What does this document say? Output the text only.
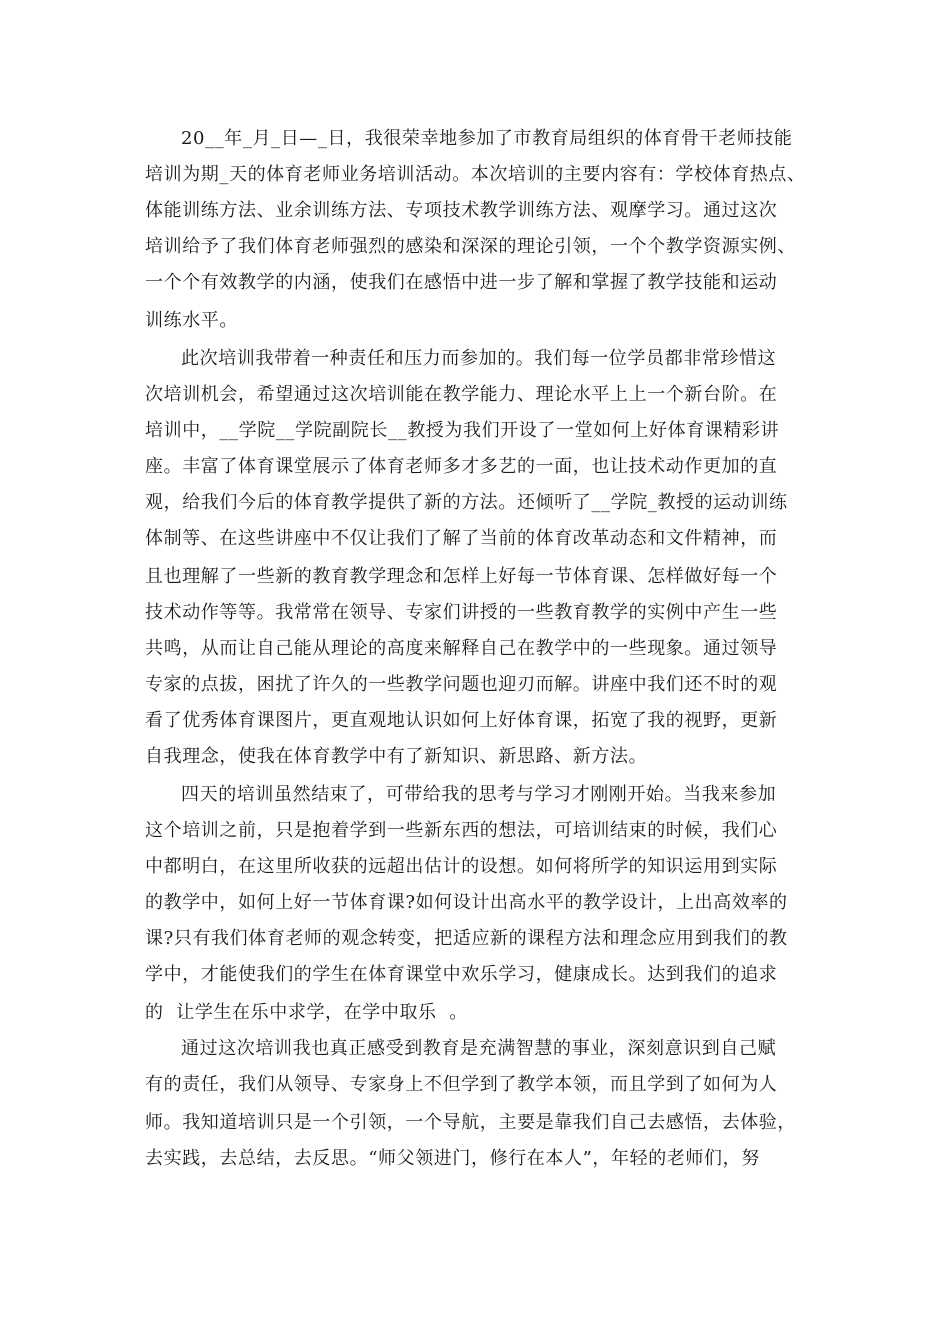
20__年_月_日—_日，我很荣幸地参加了市教育局组织的体育骨干老师技能
培训为期_天的体育老师业务培训活动。本次培训的主要内容有：学校体育热点、
体能训练方法、业余训练方法、专项技术教学训练方法、观摩学习。通过这次
培训给予了我们体育老师强烈的感染和深深的理论引领，一个个教学资源实例、
一个个有效教学的内涵，使我们在感悟中进一步了解和掌握了教学技能和运动
训练水平。
此次培训我带着一种责任和压力而参加的。我们每一位学员都非常珍惜这
次培训机会，希望通过这次培训能在教学能力、理论水平上上一个新台阶。在
培训中，__学院__学院副院长__教授为我们开设了一堂如何上好体育课精彩讲
座。丰富了体育课堂展示了体育老师多才多艺的一面，也让技术动作更加的直
观，给我们今后的体育教学提供了新的方法。还倾听了__学院_教授的运动训练
体制等、在这些讲座中不仅让我们了解了当前的体育改革动态和文件精神，而
且也理解了一些新的教育教学理念和怎样上好每一节体育课、怎样做好每一个
技术动作等等。我常常在领导、专家们讲授的一些教育教学的实例中产生一些
共鸣，从而让自己能从理论的高度来解释自己在教学中的一些现象。通过领导
专家的点拔，困扰了许久的一些教学问题也迎刃而解。讲座中我们还不时的观
看了优秀体育课图片，更直观地认识如何上好体育课，拓宽了我的视野，更新
自我理念，使我在体育教学中有了新知识、新思路、新方法。
四天的培训虽然结束了，可带给我的思考与学习才刚刚开始。当我来参加
这个培训之前，只是抱着学到一些新东西的想法，可培训结束的时候，我们心
中都明白，在这里所收获的远超出估计的设想。如何将所学的知识运用到实际
的教学中，如何上好一节体育课?如何设计出高水平的教学设计，上出高效率的
课?只有我们体育老师的观念转变，把适应新的课程方法和理念应用到我们的教
学中，才能使我们的学生在体育课堂中欢乐学习，健康成长。达到我们的追求
的  让学生在乐中求学，在学中取乐  。
通过这次培训我也真正感受到教育是充满智慧的事业，深刻意识到自己赋
有的责任，我们从领导、专家身上不但学到了教学本领，而且学到了如何为人
师。我知道培训只是一个引领，一个导航，主要是靠我们自己去感悟，去体验，
去实践，去总结，去反思。“师父领进门，修行在本人”，年轻的老师们，努
